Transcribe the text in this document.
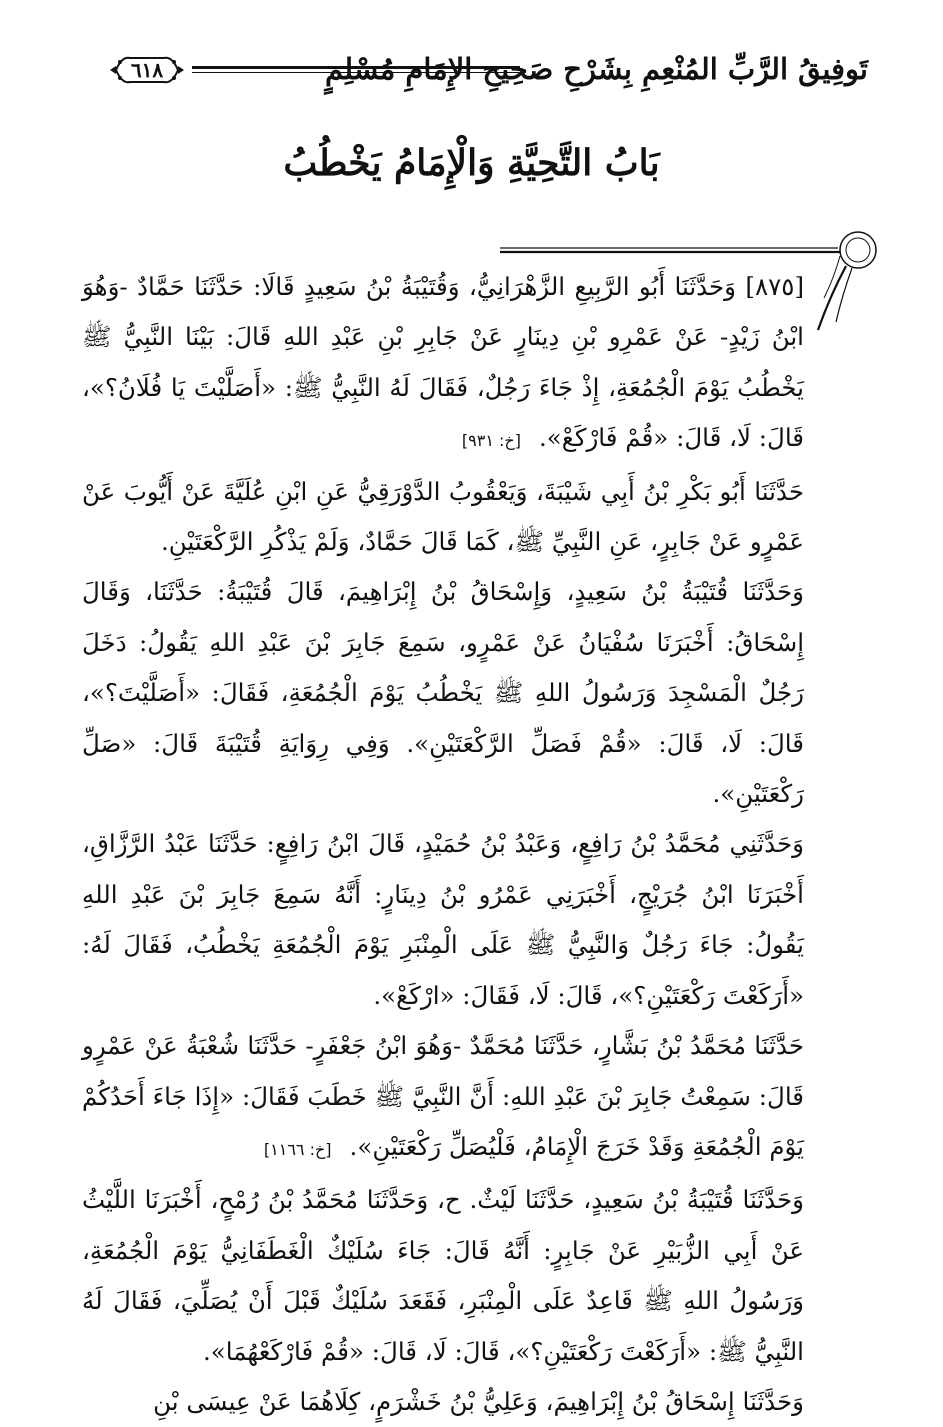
تَوفِيقُ الرَّبِّ المُنْعِمِ بِشَرْحِ صَحِيحِ الإِمَامِ مُسْلِمٍ
٦١٨
بَابُ التَّحِيَّةِ وَالْإِمَامُ يَخْطُبُ

[٨٧٥] وَحَدَّثَنَا أَبُو الرَّبِيعِ الزَّهْرَانِيُّ، وَقُتَيْبَةُ بْنُ سَعِيدٍ قَالَا: حَدَّثَنَا حَمَّادٌ -وَهُوَ ابْنُ زَيْدٍ- عَنْ عَمْرِو بْنِ دِينَارٍ عَنْ جَابِرِ بْنِ عَبْدِ اللهِ قَالَ: بَيْنَا النَّبِيُّ ﷺ يَخْطُبُ يَوْمَ الْجُمُعَةِ، إِذْ جَاءَ رَجُلٌ، فَقَالَ لَهُ النَّبِيُّ ﷺ: «أَصَلَّيْتَ يَا فُلَانُ؟»، قَالَ: لَا، قَالَ: «قُمْ فَارْكَعْ».[خ: ٩٣١]

حَدَّثَنَا أَبُو بَكْرِ بْنُ أَبِي شَيْبَةَ، وَيَعْقُوبُ الدَّوْرَقِيُّ عَنِ ابْنِ عُلَيَّةَ عَنْ أَيُّوبَ عَنْ عَمْرٍو عَنْ جَابِرٍ، عَنِ النَّبِيِّ ﷺ، كَمَا قَالَ حَمَّادٌ، وَلَمْ يَذْكُرِ الرَّكْعَتَيْنِ.

وَحَدَّثَنَا قُتَيْبَةُ بْنُ سَعِيدٍ، وَإِسْحَاقُ بْنُ إِبْرَاهِيمَ، قَالَ قُتَيْبَةُ: حَدَّثَنَا، وَقَالَ إِسْحَاقُ: أَخْبَرَنَا سُفْيَانُ عَنْ عَمْرٍو، سَمِعَ جَابِرَ بْنَ عَبْدِ اللهِ يَقُولُ: دَخَلَ رَجُلٌ الْمَسْجِدَ وَرَسُولُ اللهِ ﷺ يَخْطُبُ يَوْمَ الْجُمُعَةِ، فَقَالَ: «أَصَلَّيْتَ؟»، قَالَ: لَا، قَالَ: «قُمْ فَصَلِّ الرَّكْعَتَيْنِ». وَفِي رِوَايَةِ قُتَيْبَةَ قَالَ: «صَلِّ رَكْعَتَيْنِ».

وَحَدَّثَنِي مُحَمَّدُ بْنُ رَافِعٍ، وَعَبْدُ بْنُ حُمَيْدٍ، قَالَ ابْنُ رَافِعٍ: حَدَّثَنَا عَبْدُ الرَّزَّاقِ، أَخْبَرَنَا ابْنُ جُرَيْجٍ، أَخْبَرَنِي عَمْرُو بْنُ دِينَارٍ: أَنَّهُ سَمِعَ جَابِرَ بْنَ عَبْدِ اللهِ يَقُولُ: جَاءَ رَجُلٌ وَالنَّبِيُّ ﷺ عَلَى الْمِنْبَرِ يَوْمَ الْجُمُعَةِ يَخْطُبُ، فَقَالَ لَهُ: «أَرَكَعْتَ رَكْعَتَيْنِ؟»، قَالَ: لَا، فَقَالَ: «ارْكَعْ».

حَدَّثَنَا مُحَمَّدُ بْنُ بَشَّارٍ، حَدَّثَنَا مُحَمَّدٌ -وَهُوَ ابْنُ جَعْفَرٍ- حَدَّثَنَا شُعْبَةُ عَنْ عَمْرٍو قَالَ: سَمِعْتُ جَابِرَ بْنَ عَبْدِ اللهِ: أَنَّ النَّبِيَّ ﷺ خَطَبَ فَقَالَ: «إِذَا جَاءَ أَحَدُكُمْ يَوْمَ الْجُمُعَةِ وَقَدْ خَرَجَ الْإِمَامُ، فَلْيُصَلِّ رَكْعَتَيْنِ».[خ: ١١٦٦]

وَحَدَّثَنَا قُتَيْبَةُ بْنُ سَعِيدٍ، حَدَّثَنَا لَيْثٌ. ح، وَحَدَّثَنَا مُحَمَّدُ بْنُ رُمْحٍ، أَخْبَرَنَا اللَّيْثُ عَنْ أَبِي الزُّبَيْرِ عَنْ جَابِرٍ: أَنَّهُ قَالَ: جَاءَ سُلَيْكٌ الْغَطَفَانِيُّ يَوْمَ الْجُمُعَةِ، وَرَسُولُ اللهِ ﷺ قَاعِدٌ عَلَى الْمِنْبَرِ، فَقَعَدَ سُلَيْكٌ قَبْلَ أَنْ يُصَلِّيَ، فَقَالَ لَهُ النَّبِيُّ ﷺ: «أَرَكَعْتَ رَكْعَتَيْنِ؟»، قَالَ: لَا، قَالَ: «قُمْ فَارْكَعْهُمَا».

وَحَدَّثَنَا إِسْحَاقُ بْنُ إِبْرَاهِيمَ، وَعَلِيُّ بْنُ خَشْرَمٍ، كِلَاهُمَا عَنْ عِيسَى بْنِ
